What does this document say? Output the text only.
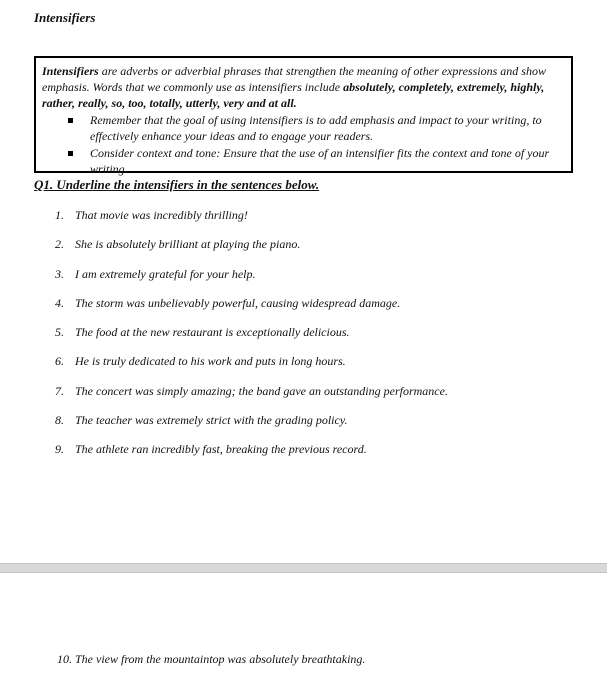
Intensifiers

Intensifiers are adverbs or adverbial phrases that strengthen the meaning of other expressions and show emphasis. Words that we commonly use as intensifiers include absolutely, completely, extremely, highly, rather, really, so, too, totally, utterly, very and at all.

Remember that the goal of using intensifiers is to add emphasis and impact to your writing, to effectively enhance your ideas and to engage your readers.
Consider context and tone: Ensure that the use of an intensifier fits the context and tone of your writing.
Q1. Underline the intensifiers in the sentences below.
1. That movie was incredibly thrilling!
2. She is absolutely brilliant at playing the piano.
3. I am extremely grateful for your help.
4. The storm was unbelievably powerful, causing widespread damage.
5. The food at the new restaurant is exceptionally delicious.
6. He is truly dedicated to his work and puts in long hours.
7. The concert was simply amazing; the band gave an outstanding performance.
8. The teacher was extremely strict with the grading policy.
9. The athlete ran incredibly fast, breaking the previous record.
10. The view from the mountaintop was absolutely breathtaking.
